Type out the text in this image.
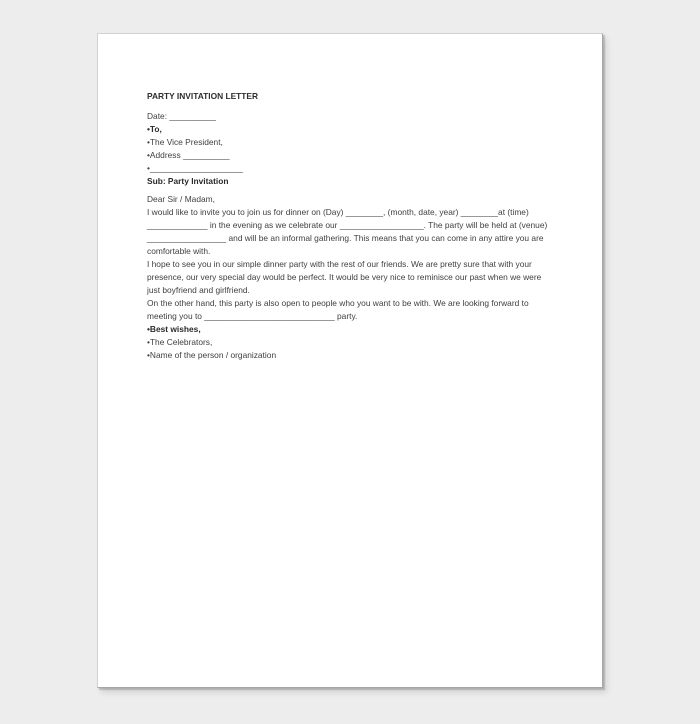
PARTY INVITATION LETTER
Date: __________
•To,
•The Vice President,
•Address __________
•____________________
Sub: Party Invitation
Dear Sir / Madam,
I would like to invite you to join us for dinner on (Day) ________, (month, date, year) ________at (time)
_____________ in the evening as we celebrate our __________________. The party will be held at (venue)
_________________ and will be an informal gathering. This means that you can come in any attire you are
comfortable with.
I hope to see you in our simple dinner party with the rest of our friends. We are pretty sure that with your
presence, our very special day would be perfect. It would be very nice to reminisce our past when we were
just boyfriend and girlfriend.
On the other hand, this party is also open to people who you want to be with. We are looking forward to
meeting you to ____________________________ party.
•Best wishes,
•The Celebrators,
•Name of the person / organization
